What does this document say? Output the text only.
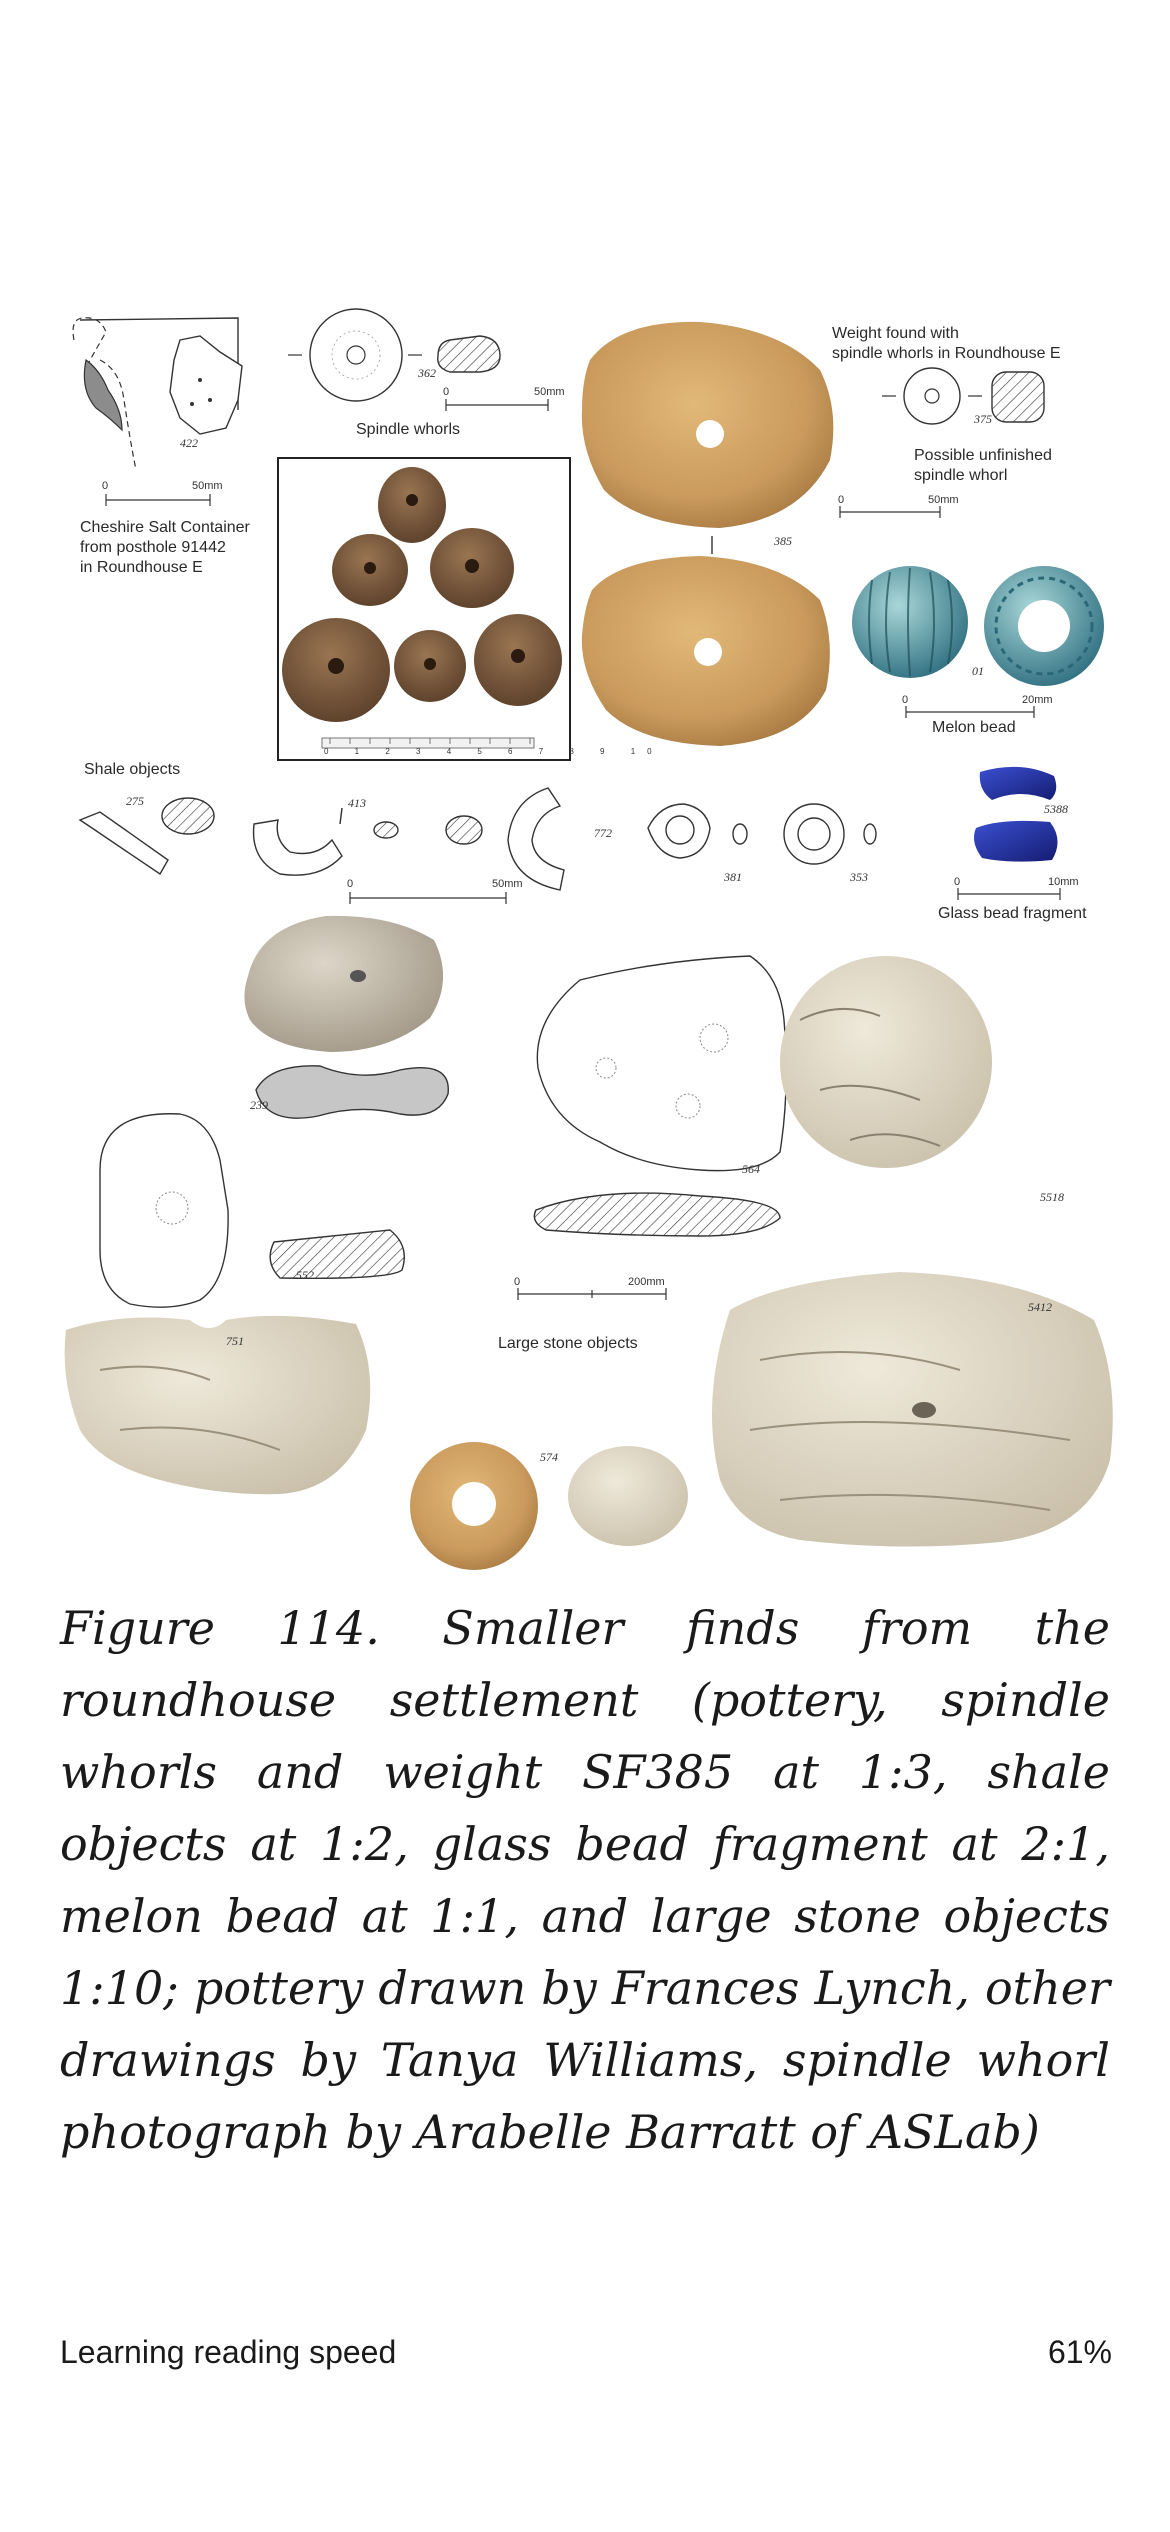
Cheshire Salt Container
from posthole 91442
in Roundhouse E
Spindle whorls
Weight found with
spindle whorls in Roundhouse E
Possible unfinished
spindle whorl
Melon bead
Shale objects
Glass bead fragment
Large stone objects
422
362
375
385
01
275	413
772
381	353
5388
239
552
564
5518
751
574
5412
0	50mm
0	50mm
0	50mm
0	20mm
0	50mm	0	10mm
0	200mm
0 1 2 3 4 5 6 7 8 9 10
Figure 114. Smaller finds from the roundhouse settlement (pottery, spindle whorls and weight SF385 at 1:3, shale objects at 1:2, glass bead fragment at 2:1, melon bead at 1:1, and large stone objects 1:10; pottery drawn by Frances Lynch, other drawings by Tanya Williams, spindle whorl photograph by Arabelle Barratt of ASLab)
Learning reading speed	61%
